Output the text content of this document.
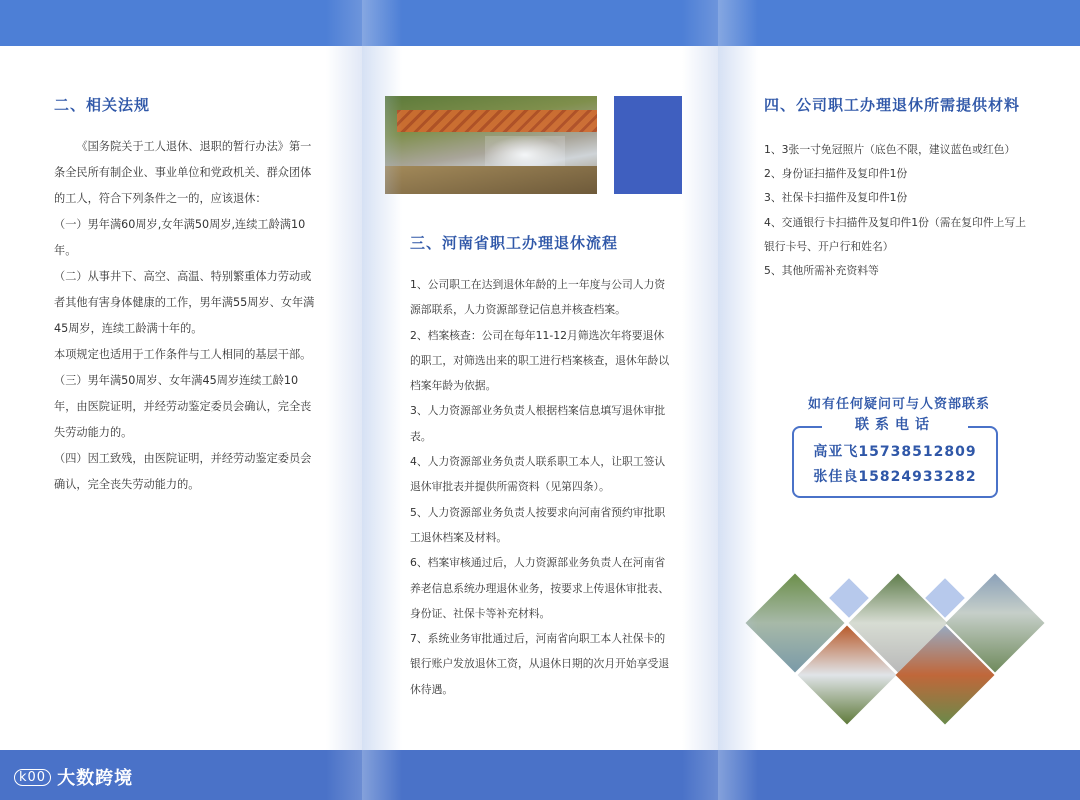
二、相关法规

《国务院关于工人退休、退职的暂行办法》第一条全民所有制企业、事业单位和党政机关、群众团体的工人，符合下列条件之一的，应该退休：

（一）男年满60周岁,女年满50周岁,连续工龄满10年。

（二）从事井下、高空、高温、特别繁重体力劳动或者其他有害身体健康的工作，男年满55周岁、女年满45周岁，连续工龄满十年的。

本项规定也适用于工作条件与工人相同的基层干部。

（三）男年满50周岁、女年满45周岁连续工龄10年，由医院证明，并经劳动鉴定委员会确认，完全丧失劳动能力的。

（四）因工致残，由医院证明，并经劳动鉴定委员会确认，完全丧失劳动能力的。

三、河南省职工办理退休流程

1、公司职工在达到退休年龄的上一年度与公司人力资源部联系，人力资源部登记信息并核查档案。

2、档案核查：公司在每年11-12月筛选次年将要退休的职工，对筛选出来的职工进行档案核查，退休年龄以档案年龄为依据。

3、人力资源部业务负责人根据档案信息填写退休审批表。

4、人力资源部业务负责人联系职工本人，让职工签认退休审批表并提供所需资料（见第四条）。

5、人力资源部业务负责人按要求向河南省预约审批职工退休档案及材料。

6、档案审核通过后，人力资源部业务负责人在河南省养老信息系统办理退休业务，按要求上传退休审批表、身份证、社保卡等补充材料。

7、系统业务审批通过后，河南省向职工本人社保卡的银行账户发放退休工资，从退休日期的次月开始享受退休待遇。

四、公司职工办理退休所需提供材料

1、3张一寸免冠照片（底色不限，建议蓝色或红色）

2、身份证扫描件及复印件1份

3、社保卡扫描件及复印件1份

4、交通银行卡扫描件及复印件1份（需在复印件上写上银行卡号、开户行和姓名）

5、其他所需补充资料等

如有任何疑问可与人资部联系
联系电话
高亚飞15738512809
张佳良15824933282
k00 大数跨境
